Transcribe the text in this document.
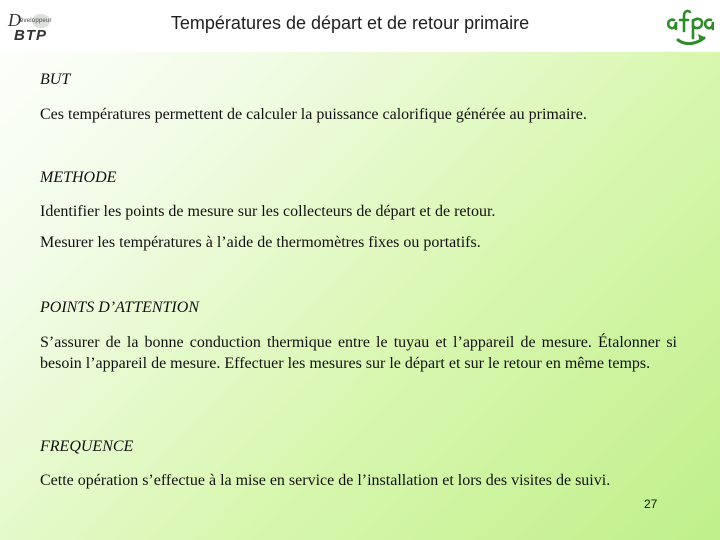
D éveloppeur
BTP
Températures de départ et de retour primaire
BUT
Ces températures permettent de calculer la puissance calorifique générée au primaire.
METHODE
Identifier les points de mesure sur les collecteurs de départ et de retour.
Mesurer les températures à l’aide de thermomètres fixes ou portatifs.
POINTS D’ATTENTION
S’assurer de la bonne conduction thermique entre le tuyau et l’appareil de mesure. Étalonner si besoin l’appareil de mesure. Effectuer les mesures sur le départ et sur le retour en même temps.
FREQUENCE
Cette opération s’effectue à la mise en service de l’installation et lors des visites de suivi.
27
